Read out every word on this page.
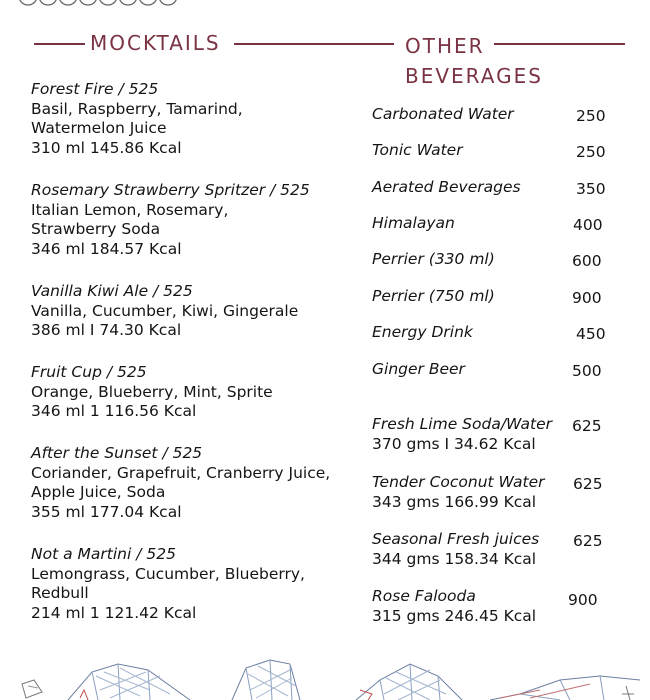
MOCKTAILS	OTHER
BEVERAGES
Forest Fire / 525
Basil, Raspberry, Tamarind, Watermelon Juice
310 ml 145.86 Kcal
Rosemary Strawberry Spritzer / 525
Italian Lemon, Rosemary, Strawberry Soda
346 ml 184.57 Kcal
Vanilla Kiwi Ale / 525
Vanilla, Cucumber, Kiwi, Gingerale
386 ml I 74.30 Kcal
Fruit Cup / 525
Orange, Blueberry, Mint, Sprite
346 ml 1 116.56 Kcal
After the Sunset / 525
Coriander, Grapefruit, Cranberry Juice, Apple Juice, Soda
355 ml 177.04 Kcal
Not a Martini / 525
Lemongrass, Cucumber, Blueberry, Redbull
214 ml 1 121.42 Kcal
Carbonated Water	250
Tonic Water	250
Aerated Beverages	350
Himalayan	400
Perrier (330 ml)	600
Perrier (750 ml)	900
Energy Drink	450
Ginger Beer	500
Fresh Lime Soda/Water 625
370 gms I 34.62 Kcal
Tender Coconut Water 625
343 gms 166.99 Kcal
Seasonal Fresh juices 625
344 gms 158.34 Kcal
Rose Falooda	900
315 gms 246.45 Kcal
